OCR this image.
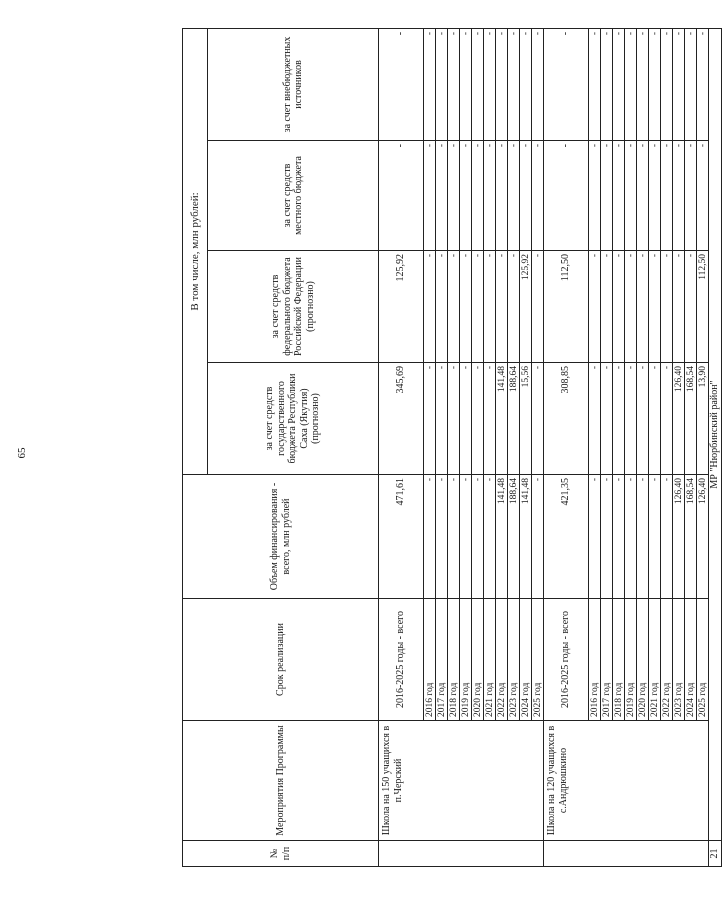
65
№ п/п	Мероприятия Программы	Срок реализации	Объем финансирования - всего, млн рублей	В том числе, млн рублей:			
				за счет средств государственного бюджета Республики Саха (Якутия) (прогнозно)	за счет средств федерального бюджета Российской Федерации (прогнозно)	за счет средств местного бюджета	за счет внебюджетных источников
	Школа на 150 учащихся в п.Черский	2016-2025 годы - всего	471,61	345,69	125,92	-	-
		2016 год	-	-	-	-	-
		2017 год	-	-	-	-	-
		2018 год	-	-	-	-	-
		2019 год	-	-	-	-	-
		2020 год	-	-	-	-	-
		2021 год	-	-	-	-	-
		2022 год	141,48	141,48	-	-	-
		2023 год	188,64	188,64	-	-	-
		2024 год	141,48	15,56	125,92	-	-
		2025 год	-	-	-	-	-
	Школа на 120 учащихся в с.Андрюшкино	2016-2025 годы - всего	421,35	308,85	112,50	-	-
		2016 год	-	-	-	-	-
		2017 год	-	-	-	-	-
		2018 год	-	-	-	-	-
		2019 год	-	-	-	-	-
		2020 год	-	-	-	-	-
		2021 год	-	-	-	-	-
		2022 год	-	-	-	-	-
		2023 год	126,40	126,40	-	-	-
		2024 год	168,54	168,54	-	-	-
		2025 год	126,40	13,90	112,50	-	-
21	МР "Нюрбинский район"						
